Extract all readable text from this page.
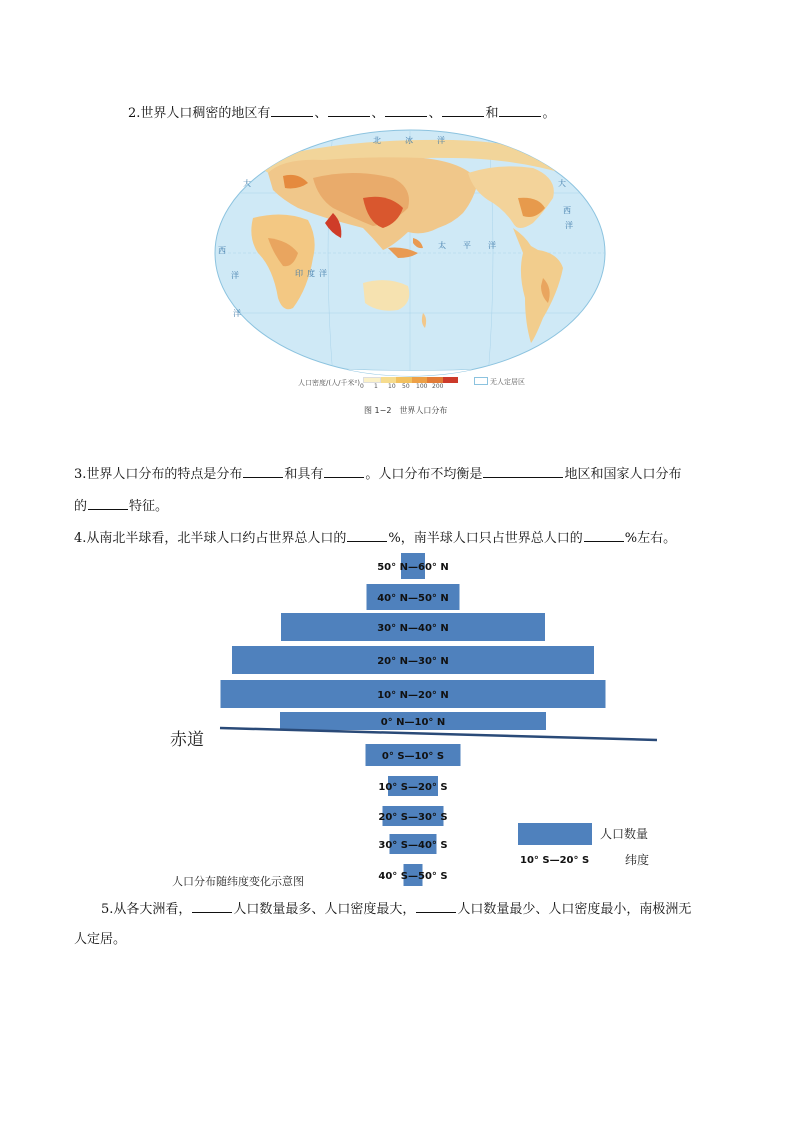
2.世界人口稠密的地区有	、	、	、	和	。
北	冰	洋
大	大
西
洋
印 度 洋
太 平 洋
洋
西
洋
人口密度/(人/千米²) 0	1	10	50	100 200
无人定居区
图 1−2　世界人口分布
3.世界人口分布的特点是分布	和具有	。人口分布不均衡是	地区和国家人口分布
的	特征。
4.从南北半球看，北半球人口约占世界总人口的	%，南半球人口只占世界总人口的	%左右。
50° N—60° N
40° N—50° N
30° N—40° N
20° N—30° N
10° N—20° N
0° N—10° N
0° S—10° S
10° S—20° S
20° S—30° S
30° S—40° S
40° S—50° S
赤道
人口数量
10° S—20° S	纬度
人口分布随纬度变化示意图
5.从各大洲看，	人口数量最多、人口密度最大，	人口数量最少、人口密度最小，南极洲无
人定居。
